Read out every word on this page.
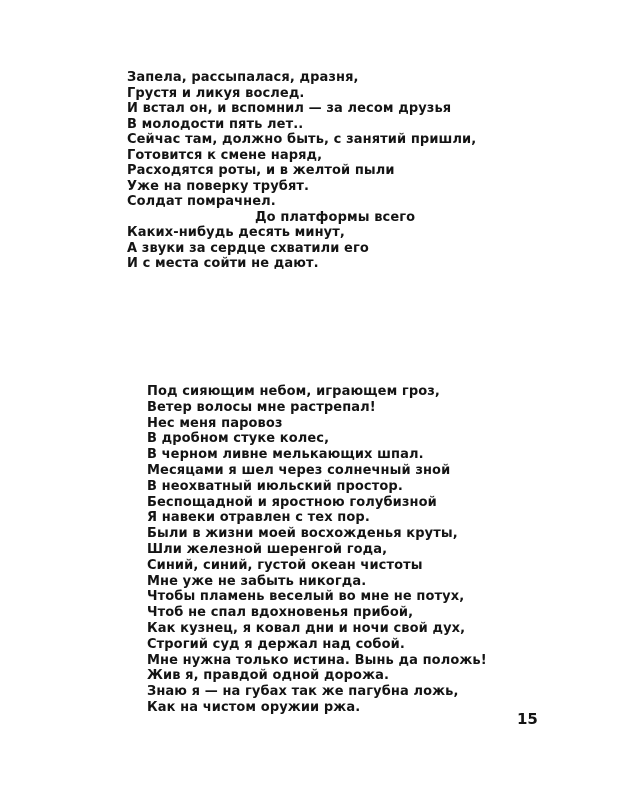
Запела, рассыпалася, дразня,
Грустя и ликуя вослед.
И встал он, и вспомнил — за лесом друзья
В молодости пять лет..
Сейчас там, должно быть, с занятий пришли,
Готовится к смене наряд,
Расходятся роты, и в желтой пыли
Уже на поверку трубят.
Солдат помрачнел.
До платформы всего
Каких-нибудь десять минут,
А звуки за сердце схватили его
И с места сойти не дают.
Под сияющим небом, играющем гроз,
Ветер волосы мне растрепал!
Нес меня паровоз
В дробном стуке колес,
В черном ливне мелькающих шпал.
Месяцами я шел через солнечный зной
В неохватный июльский простор.
Беспощадной и яростною голубизной
Я навеки отравлен с тех пор.
Были в жизни моей восхожденья круты,
Шли железной шеренгой года,
Синий, синий, густой океан чистоты
Мне уже не забыть никогда.
Чтобы пламень веселый во мне не потух,
Чтоб не спал вдохновенья прибой,
Как кузнец, я ковал дни и ночи свой дух,
Строгий суд я держал над собой.
Мне нужна только истина. Вынь да положь!
Жив я, правдой одной дорожа.
Знаю я — на губах так же пагубна ложь,
Как на чистом оружии ржа.
15
